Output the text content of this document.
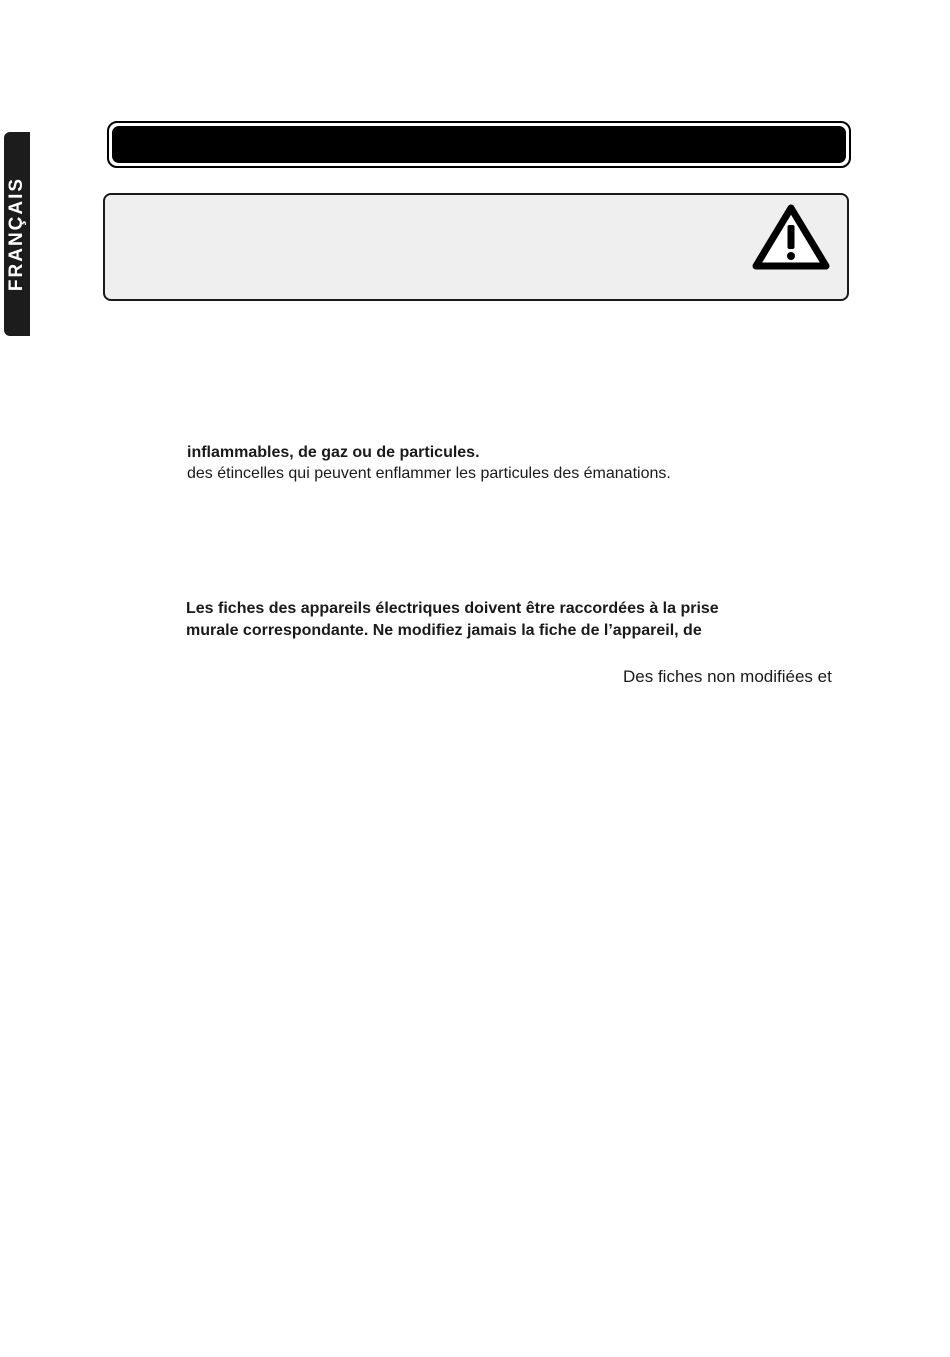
FRANÇAIS

inflammables, de gaz ou de particules.

des étincelles qui peuvent enflammer les particules des émanations.

Les fiches des appareils électriques doivent être raccordées à la prise

murale correspondante. Ne modifiez jamais la fiche de l’appareil, de

Des fiches non modifiées et
